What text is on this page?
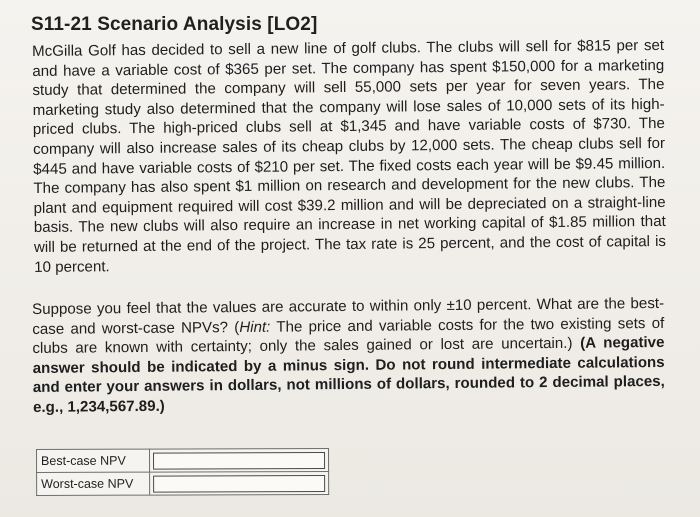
S11-21 Scenario Analysis [LO2]

McGilla Golf has decided to sell a new line of golf clubs. The clubs will sell for $815 per set and have a variable cost of $365 per set. The company has spent $150,000 for a marketing study that determined the company will sell 55,000 sets per year for seven years. The marketing study also determined that the company will lose sales of 10,000 sets of its high-priced clubs. The high-priced clubs sell at $1,345 and have variable costs of $730. The company will also increase sales of its cheap clubs by 12,000 sets. The cheap clubs sell for $445 and have variable costs of $210 per set. The fixed costs each year will be $9.45 million. The company has also spent $1 million on research and development for the new clubs. The plant and equipment required will cost $39.2 million and will be depreciated on a straight-line basis. The new clubs will also require an increase in net working capital of $1.85 million that will be returned at the end of the project. The tax rate is 25 percent, and the cost of capital is 10 percent.

Suppose you feel that the values are accurate to within only ±10 percent. What are the best-case and worst-case NPVs? (Hint: The price and variable costs for the two existing sets of clubs are known with certainty; only the sales gained or lost are uncertain.) (A negative answer should be indicated by a minus sign. Do not round intermediate calculations and enter your answers in dollars, not millions of dollars, rounded to 2 decimal places, e.g., 1,234,567.89.)

Best-case NPV	

Worst-case NPV	
